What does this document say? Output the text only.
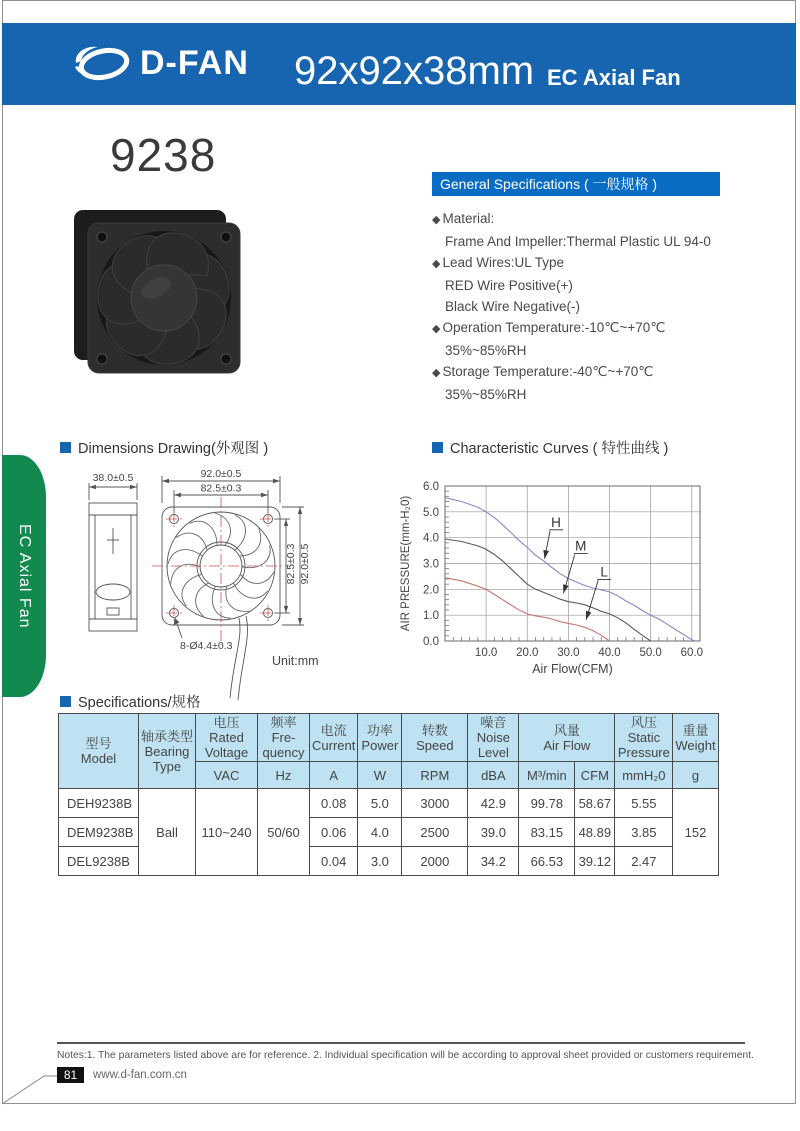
D-FAN 92x92x38mm EC Axial Fan
9238
General Specifications ( 一般规格 )
◆ Material:
Frame And Impeller:Thermal Plastic UL 94-0
◆ Lead Wires:UL Type
RED Wire Positive(+)
Black Wire Negative(-)
◆ Operation Temperature:-10℃~+70℃
35%~85%RH
◆ Storage Temperature:-40℃~+70℃
35%~85%RH
Dimensions Drawing(外观图 )	Characteristic Curves ( 特性曲线 )
Specifications/规格
EC Axial Fan
38.0±0.5	92.0±0.5
82.5±0.3
82.5±0.3 92.0±0.5
8-Ø4.4±0.3
Unit:mm
10.0 20.0 30.0 40.0 50.0 60.0
0.0
1.0
2.0
3.0
4.0
5.0
6.0
Air Flow(CFM)
AIR PRESSURE(mm-H₂0)	H
M
L
型号
Model	轴承类型
Bearing
Type	电压
Rated
Voltage	频率
Fre-
quency	电流
Current	功率
Power	转数
Speed	噪音
Noise
Level	风量
Air Flow		风压
Static
Pressure	重量
Weight
		VAC	Hz	A	W	RPM	dBA	M³/min	CFM	mmH₂0	g
DEH9238B	Ball	110~240	50/60	0.08	5.0	3000	42.9	99.78	58.67	5.55	152
DEM9238B				0.06	4.0	2500	39.0	83.15	48.89	3.85	
DEL9238B				0.04	3.0	2000	34.2	66.53	39.12	2.47	
Notes:1. The parameters listed above are for reference. 2. Individual specification will be according to approval sheet provided or customers requirement.
81	www.d-fan.com.cn
